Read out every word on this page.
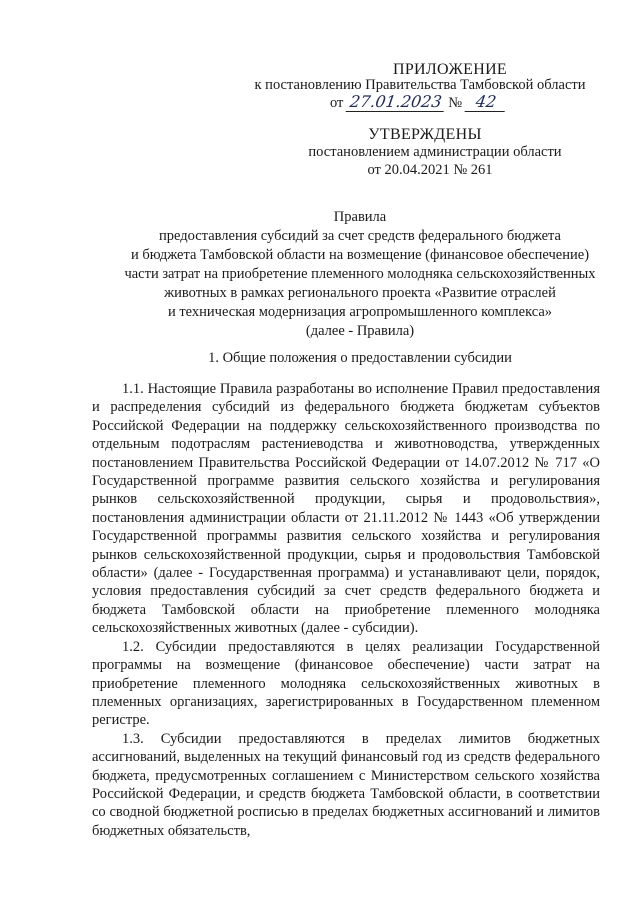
ПРИЛОЖЕНИЕ
к постановлению Правительства Тамбовской области
от 27.01.2023 № 42
УТВЕРЖДЕНЫ
постановлением администрации области
от 20.04.2021 № 261
Правила
предоставления субсидий за счет средств федерального бюджета
и бюджета Тамбовской области на возмещение (финансовое обеспечение)
части затрат на приобретение племенного молодняка сельскохозяйственных
животных в рамках регионального проекта «Развитие отраслей
и техническая модернизация агропромышленного комплекса»
(далее - Правила)
1. Общие положения о предоставлении субсидии

1.1. Настоящие Правила разработаны во исполнение Правил предоставления и распределения субсидий из федерального бюджета бюджетам субъектов Российской Федерации на поддержку сельскохозяйственного производства по отдельным подотраслям растениеводства и животноводства, утвержденных постановлением Правительства Российской Федерации от 14.07.2012 № 717 «О Государственной программе развития сельского хозяйства и регулирования рынков сельскохозяйственной продукции, сырья и продовольствия», постановления администрации области от 21.11.2012 № 1443 «Об утверждении Государственной программы развития сельского хозяйства и регулирования рынков сельскохозяйственной продукции, сырья и продовольствия Тамбовской области» (далее - Государственная программа) и устанавливают цели, порядок, условия предоставления субсидий за счет средств федерального бюджета и бюджета Тамбовской области на приобретение племенного молодняка сельскохозяйственных животных (далее - субсидии).

1.2. Субсидии предоставляются в целях реализации Государственной программы на возмещение (финансовое обеспечение) части затрат на приобретение племенного молодняка сельскохозяйственных животных в племенных организациях, зарегистрированных в Государственном племенном регистре.

1.3. Субсидии предоставляются в пределах лимитов бюджетных ассигнований, выделенных на текущий финансовый год из средств федерального бюджета, предусмотренных соглашением с Министерством сельского хозяйства Российской Федерации, и средств бюджета Тамбовской области, в соответствии со сводной бюджетной росписью в пределах бюджетных ассигнований и лимитов бюджетных обязательств,
